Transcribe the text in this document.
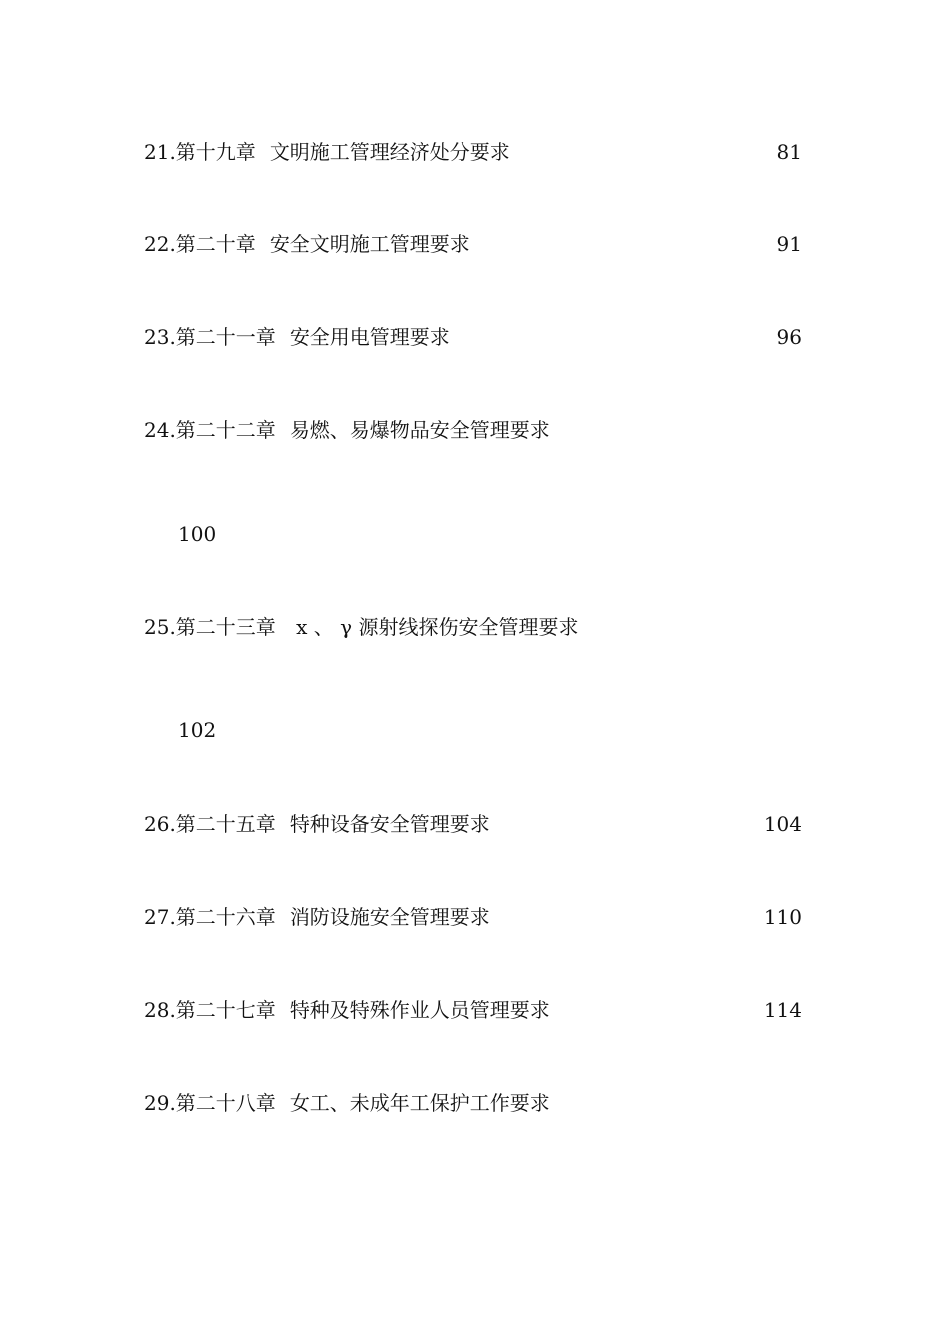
21.第十九章 文明施工管理经济处分要求	81
22.第二十章 安全文明施工管理要求	91
23.第二十一章 安全用电管理要求	96
24.第二十二章 易燃、易爆物品安全管理要求
100
25.第二十三章 x 、 γ 源射线探伤安全管理要求
102
26.第二十五章 特种设备安全管理要求	104
27.第二十六章 消防设施安全管理要求	110
28.第二十七章 特种及特殊作业人员管理要求	114
29.第二十八章 女工、未成年工保护工作要求
